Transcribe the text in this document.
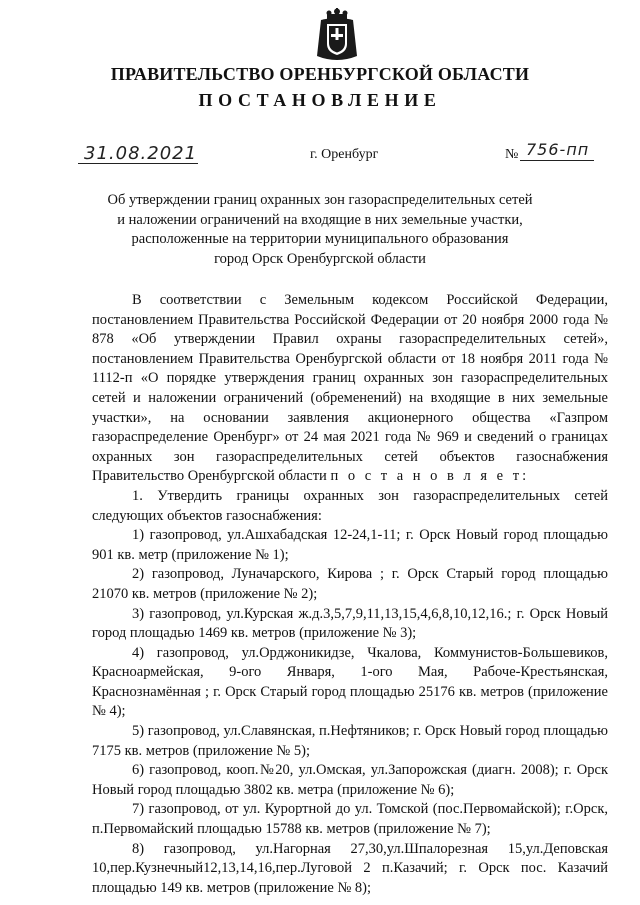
ПРАВИТЕЛЬСТВО ОРЕНБУРГСКОЙ ОБЛАСТИ
ПОСТАНОВЛЕНИЕ
31.08.2021	г. Оренбург	№ 756-пп
Об утверждении границ охранных зон газораспределительных сетей
и наложении ограничений на входящие в них земельные участки,
расположенные на территории муниципального образования
город Орск Оренбургской области

В соответствии с Земельным кодексом Российской Федерации, постановлением Правительства Российской Федерации от 20 ноября 2000 года № 878 «Об утверждении Правил охраны газораспределительных сетей», постановлением Правительства Оренбургской области от 18 ноября 2011 года № 1112-п «О порядке утверждения границ охранных зон газораспределительных сетей и наложении ограничений (обременений) на входящие в них земельные участки», на основании заявления акционерного общества «Газпром газораспределение Оренбург» от 24 мая 2021 года № 969 и сведений о границах охранных зон газораспределительных сетей объектов газоснабжения Правительство Оренбургской области п о с т а н о в л я е т:

1. Утвердить границы охранных зон газораспределительных сетей следующих объектов газоснабжения:

1) газопровод, ул.Ашхабадская 12-24,1-11; г. Орск Новый город площадью 901 кв. метр (приложение № 1);

2) газопровод, Луначарского, Кирова ; г. Орск Старый город площадью 21070 кв. метров (приложение № 2);

3) газопровод, ул.Курская ж.д.3,5,7,9,11,13,15,4,6,8,10,12,16.; г. Орск Новый город площадью 1469 кв. метров (приложение № 3);

4) газопровод, ул.Орджоникидзе, Чкалова, Коммунистов-Большевиков, Красноармейская, 9-ого Января, 1-ого Мая, Рабоче-Крестьянская, Краснознамённая ; г. Орск Старый город площадью 25176 кв. метров (приложение № 4);

5) газопровод, ул.Славянская, п.Нефтяников; г. Орск Новый город площадью 7175 кв. метров (приложение № 5);

6) газопровод, кооп.№20, ул.Омская, ул.Запорожская (диагн. 2008); г. Орск Новый город площадью 3802 кв. метра (приложение № 6);

7) газопровод, от ул. Курортной до ул. Томской (пос.Первомайской); г.Орск, п.Первомайский площадью 15788 кв. метров (приложение № 7);

8) газопровод, ул.Нагорная 27,30,ул.Шпалорезная 15,ул.Деповская 10,пер.Кузнечный12,13,14,16,пер.Луговой 2 п.Казачий; г. Орск пос. Казачий площадью 149 кв. метров (приложение № 8);
